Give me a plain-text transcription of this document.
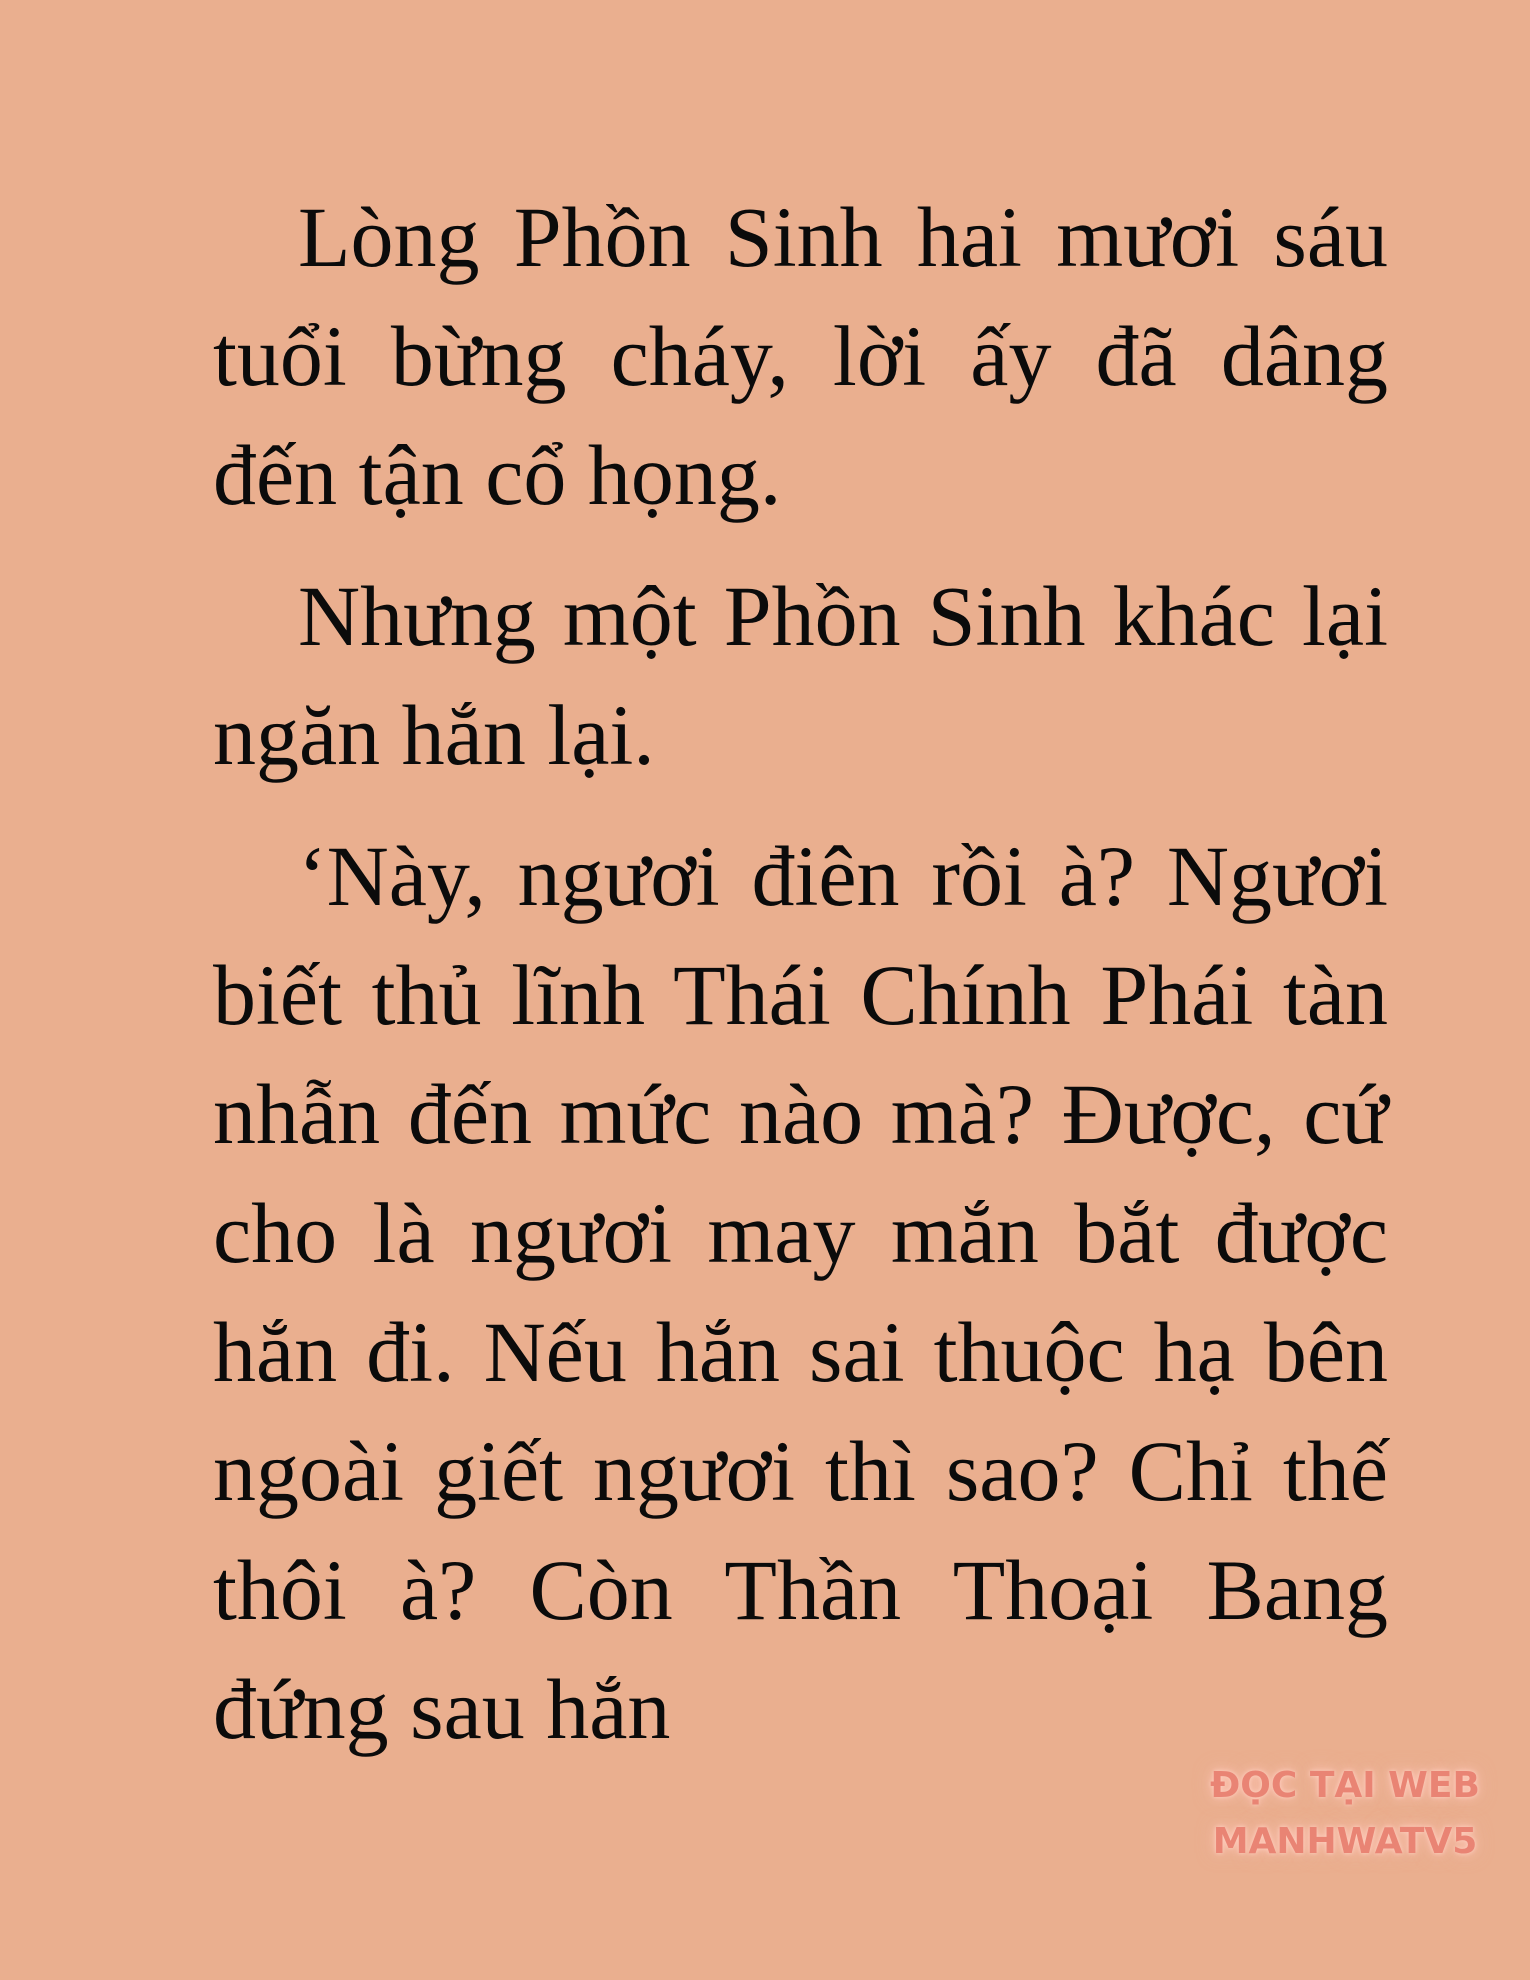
Lòng Phồn Sinh hai mươi sáu tuổi bừng cháy, lời ấy đã dâng đến tận cổ họng.

Nhưng một Phồn Sinh khác lại ngăn hắn lại.

‘Này, ngươi điên rồi à? Ngươi biết thủ lĩnh Thái Chính Phái tàn nhẫn đến mức nào mà? Được, cứ cho là ngươi may mắn bắt được hắn đi. Nếu hắn sai thuộc hạ bên ngoài giết ngươi thì sao? Chỉ thế thôi à? Còn Thần Thoại Bang đứng sau hắn

ĐỌC TẠI WEB
MANHWATV5
